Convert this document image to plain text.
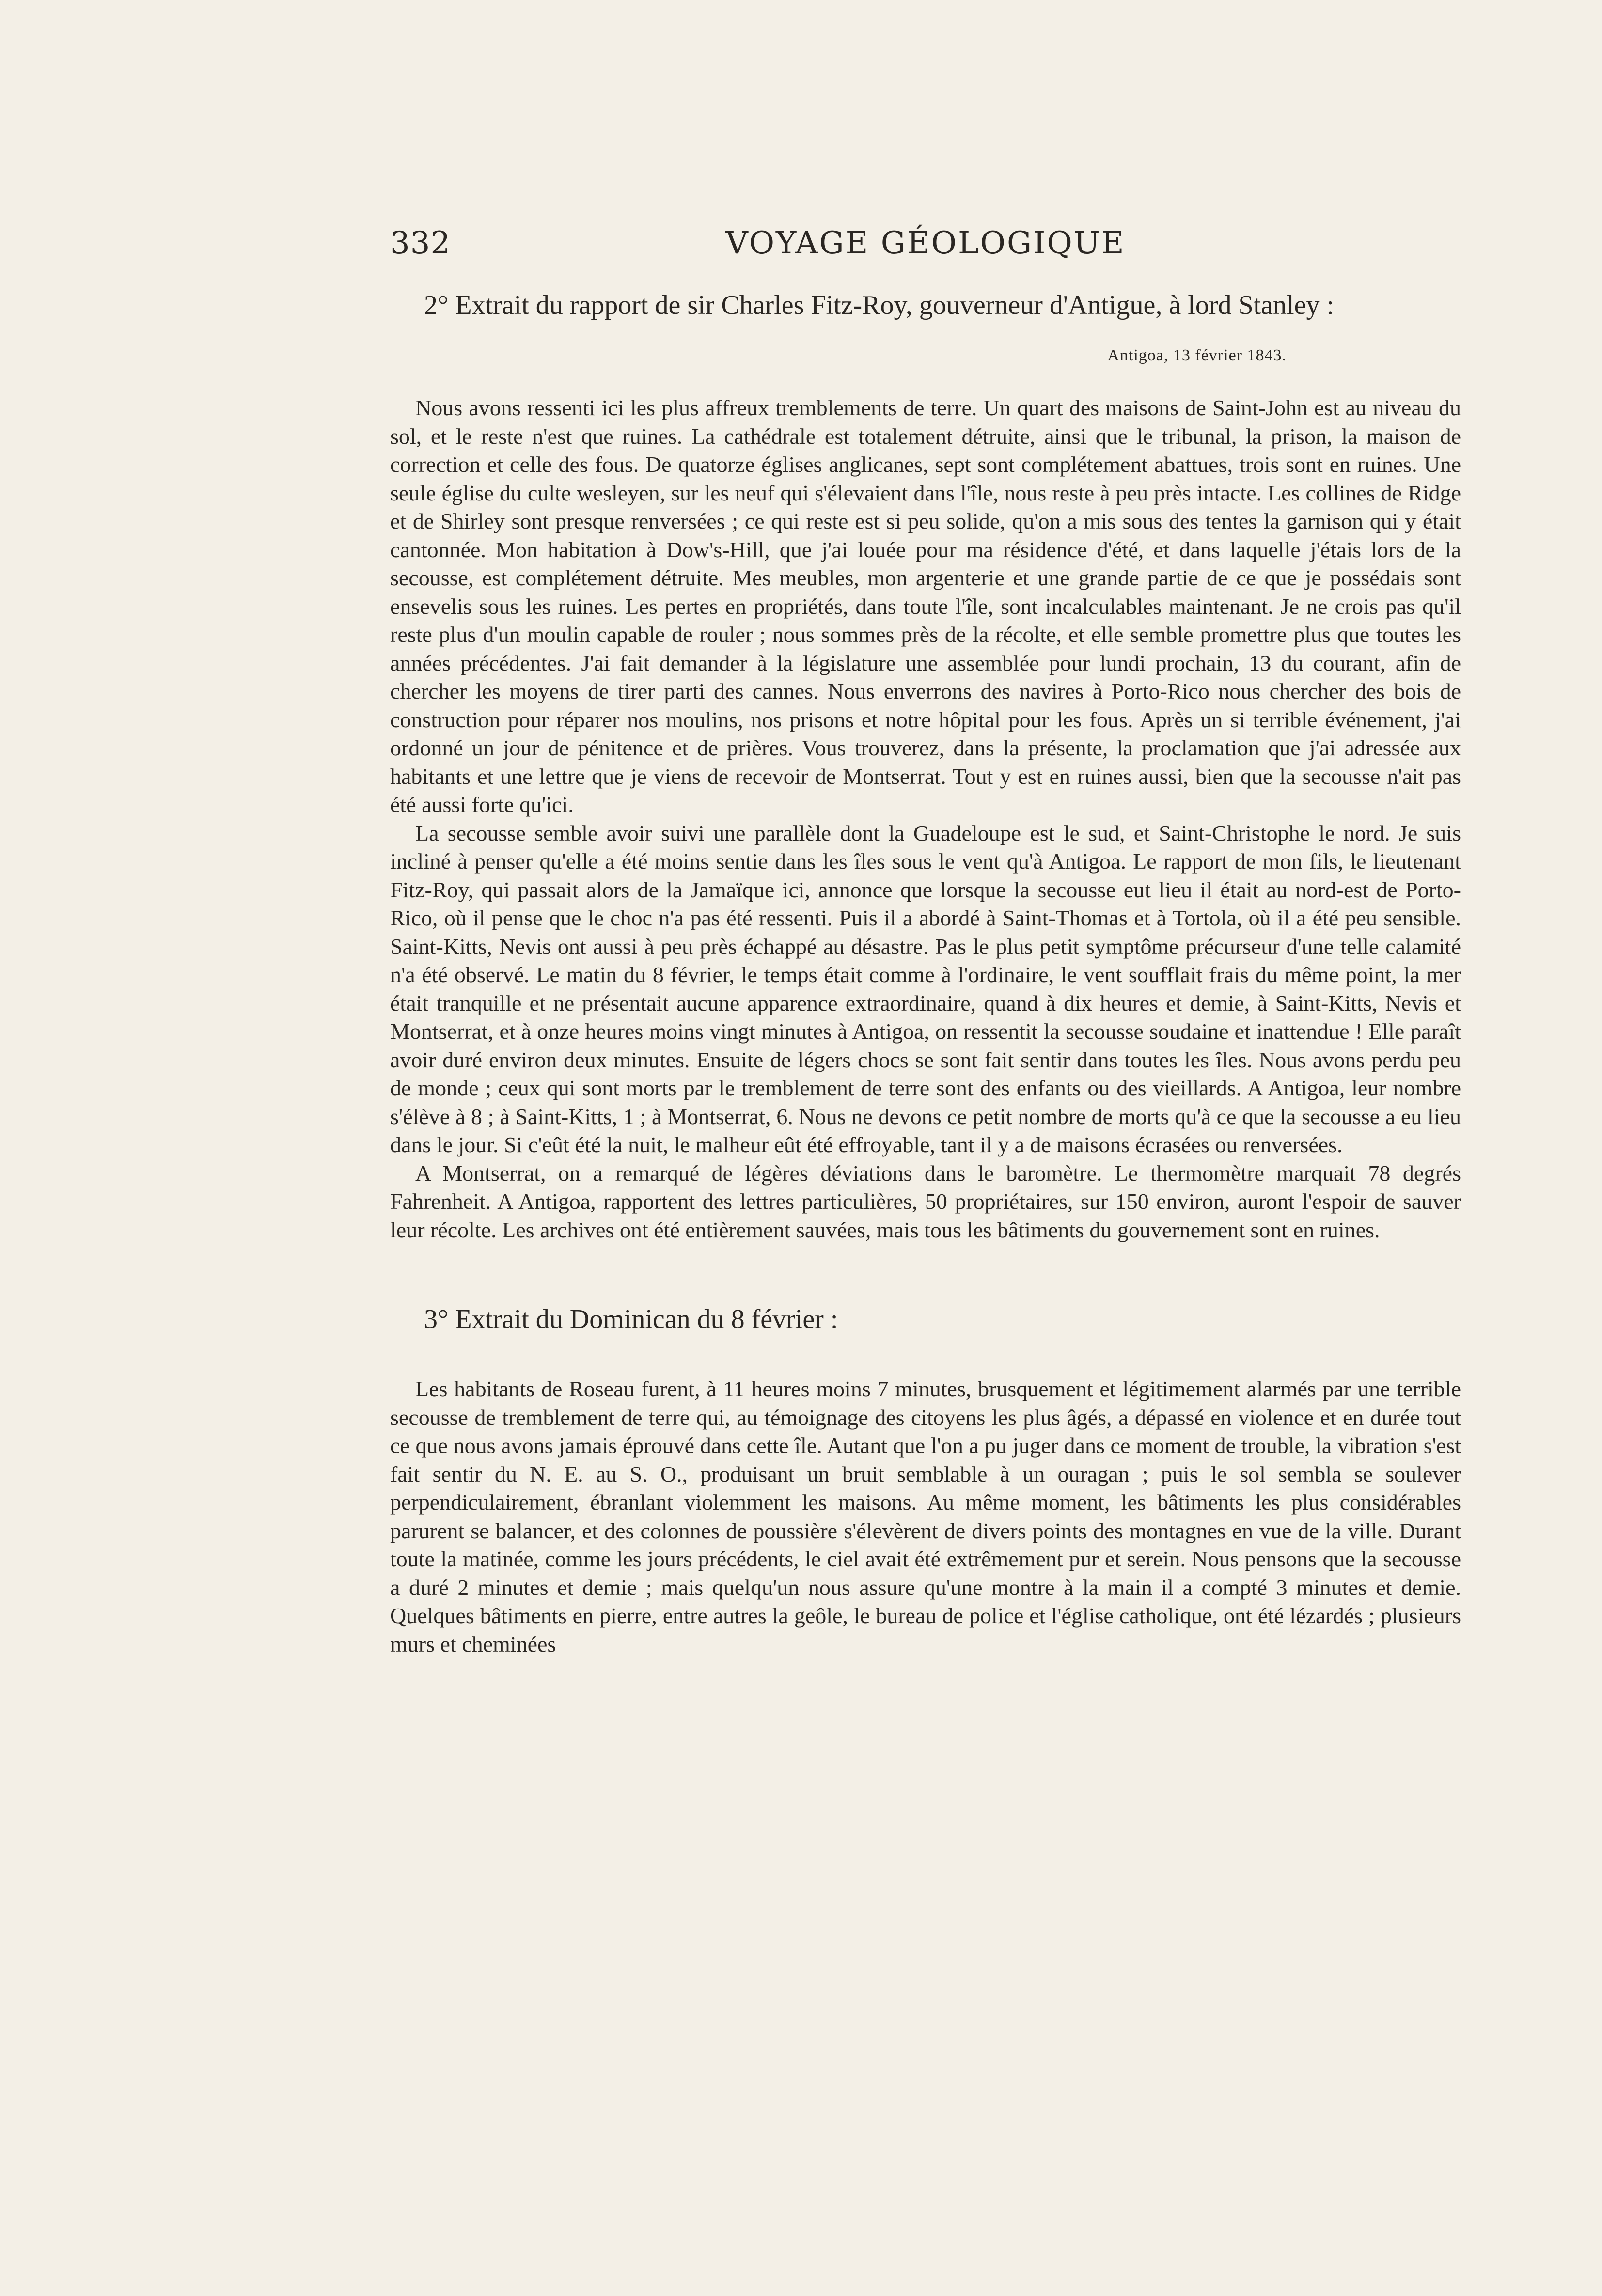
332	VOYAGE GÉOLOGIQUE

2° Extrait du rapport de sir Charles Fitz-Roy, gouverneur d'Antigue, à lord Stanley :

Antigoa, 13 février 1843.

Nous avons ressenti ici les plus affreux tremblements de terre. Un quart des maisons de Saint-John est au niveau du sol, et le reste n'est que ruines. La cathédrale est totalement détruite, ainsi que le tribunal, la prison, la maison de correction et celle des fous. De quatorze églises anglicanes, sept sont complétement abattues, trois sont en ruines. Une seule église du culte wesleyen, sur les neuf qui s'élevaient dans l'île, nous reste à peu près intacte. Les collines de Ridge et de Shirley sont presque renversées ; ce qui reste est si peu solide, qu'on a mis sous des tentes la garnison qui y était cantonnée. Mon habitation à Dow's-Hill, que j'ai louée pour ma résidence d'été, et dans laquelle j'étais lors de la secousse, est complétement détruite. Mes meubles, mon argenterie et une grande partie de ce que je possédais sont ensevelis sous les ruines. Les pertes en propriétés, dans toute l'île, sont incalculables maintenant. Je ne crois pas qu'il reste plus d'un moulin capable de rouler ; nous sommes près de la récolte, et elle semble promettre plus que toutes les années précédentes. J'ai fait demander à la législature une assemblée pour lundi prochain, 13 du courant, afin de chercher les moyens de tirer parti des cannes. Nous enverrons des navires à Porto-Rico nous chercher des bois de construction pour réparer nos moulins, nos prisons et notre hôpital pour les fous. Après un si terrible événement, j'ai ordonné un jour de pénitence et de prières. Vous trouverez, dans la présente, la proclamation que j'ai adressée aux habitants et une lettre que je viens de recevoir de Montserrat. Tout y est en ruines aussi, bien que la secousse n'ait pas été aussi forte qu'ici.

La secousse semble avoir suivi une parallèle dont la Guadeloupe est le sud, et Saint-Christophe le nord. Je suis incliné à penser qu'elle a été moins sentie dans les îles sous le vent qu'à Antigoa. Le rapport de mon fils, le lieutenant Fitz-Roy, qui passait alors de la Jamaïque ici, annonce que lorsque la secousse eut lieu il était au nord-est de Porto-Rico, où il pense que le choc n'a pas été ressenti. Puis il a abordé à Saint-Thomas et à Tortola, où il a été peu sensible. Saint-Kitts, Nevis ont aussi à peu près échappé au désastre. Pas le plus petit symptôme précurseur d'une telle calamité n'a été observé. Le matin du 8 février, le temps était comme à l'ordinaire, le vent soufflait frais du même point, la mer était tranquille et ne présentait aucune apparence extraordinaire, quand à dix heures et demie, à Saint-Kitts, Nevis et Montserrat, et à onze heures moins vingt minutes à Antigoa, on ressentit la secousse soudaine et inattendue ! Elle paraît avoir duré environ deux minutes. Ensuite de légers chocs se sont fait sentir dans toutes les îles. Nous avons perdu peu de monde ; ceux qui sont morts par le tremblement de terre sont des enfants ou des vieillards. A Antigoa, leur nombre s'élève à 8 ; à Saint-Kitts, 1 ; à Montserrat, 6. Nous ne devons ce petit nombre de morts qu'à ce que la secousse a eu lieu dans le jour. Si c'eût été la nuit, le malheur eût été effroyable, tant il y a de maisons écrasées ou renversées.

A Montserrat, on a remarqué de légères déviations dans le baromètre. Le thermomètre marquait 78 degrés Fahrenheit. A Antigoa, rapportent des lettres particulières, 50 propriétaires, sur 150 environ, auront l'espoir de sauver leur récolte. Les archives ont été entièrement sauvées, mais tous les bâtiments du gouvernement sont en ruines.

3° Extrait du Dominican du 8 février :

Les habitants de Roseau furent, à 11 heures moins 7 minutes, brusquement et légitimement alarmés par une terrible secousse de tremblement de terre qui, au témoignage des citoyens les plus âgés, a dépassé en violence et en durée tout ce que nous avons jamais éprouvé dans cette île. Autant que l'on a pu juger dans ce moment de trouble, la vibration s'est fait sentir du N. E. au S. O., produisant un bruit semblable à un ouragan ; puis le sol sembla se soulever perpendiculairement, ébranlant violemment les maisons. Au même moment, les bâtiments les plus considérables parurent se balancer, et des colonnes de poussière s'élevèrent de divers points des montagnes en vue de la ville. Durant toute la matinée, comme les jours précédents, le ciel avait été extrêmement pur et serein. Nous pensons que la secousse a duré 2 minutes et demie ; mais quelqu'un nous assure qu'une montre à la main il a compté 3 minutes et demie. Quelques bâtiments en pierre, entre autres la geôle, le bureau de police et l'église catholique, ont été lézardés ; plusieurs murs et cheminées
